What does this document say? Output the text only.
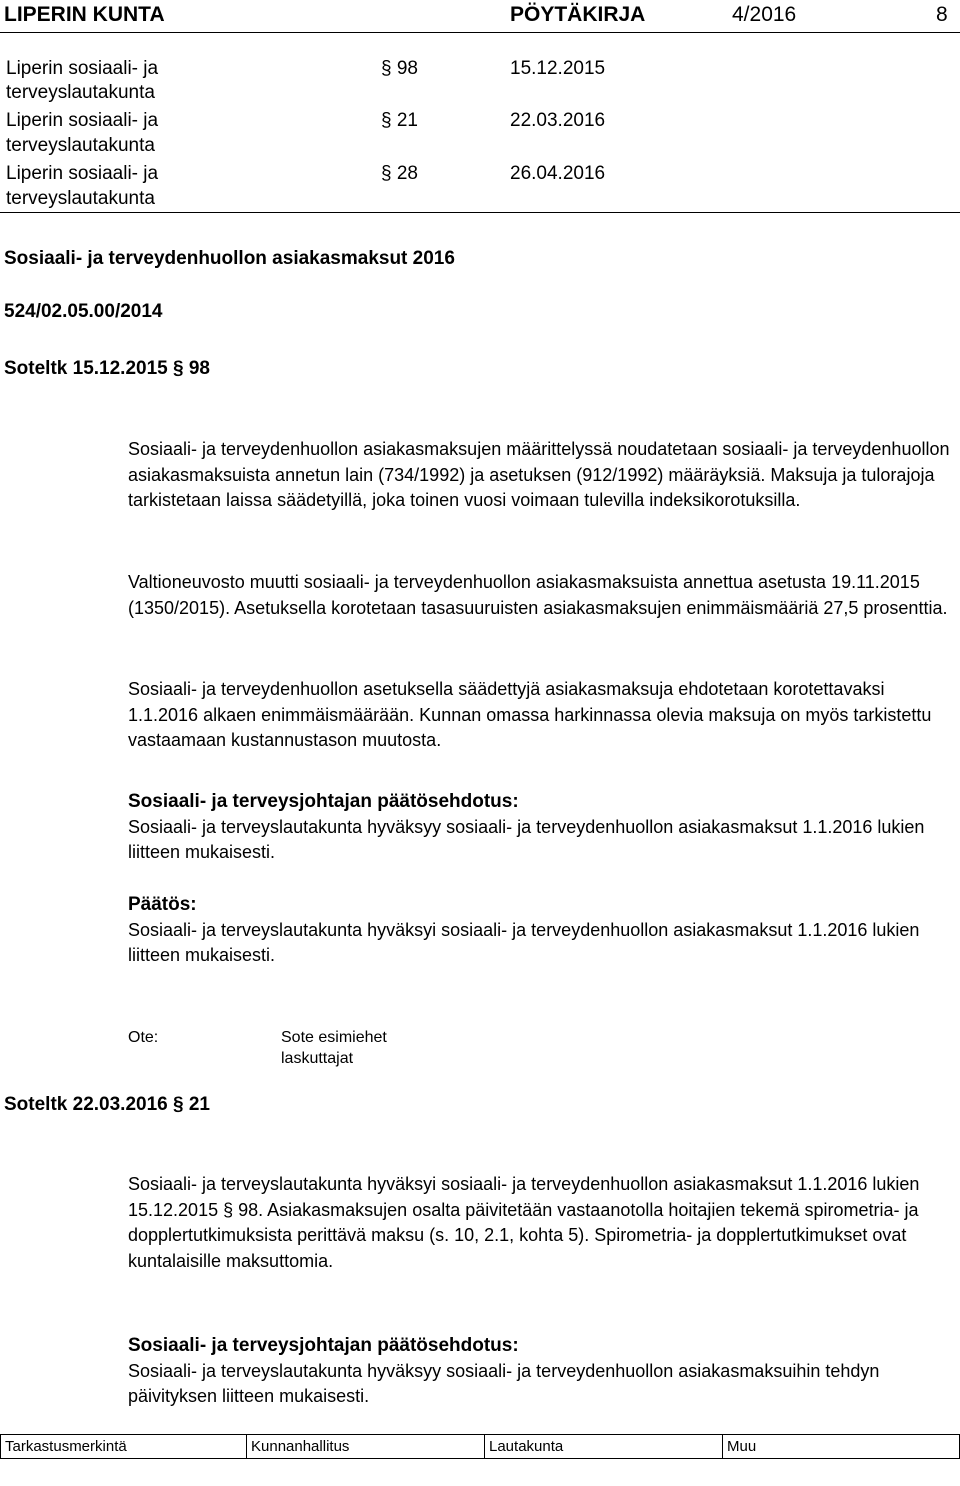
LIPERIN KUNTA	PÖYTÄKIRJA	4/2016	8
Liperin sosiaali- ja
terveyslautakunta
§ 98	15.12.2015
Liperin sosiaali- ja
terveyslautakunta
§ 21	22.03.2016
Liperin sosiaali- ja
terveyslautakunta
§ 28	26.04.2016
Sosiaali- ja terveydenhuollon asiakasmaksut 2016
524/02.05.00/2014
Soteltk 15.12.2015 § 98

Sosiaali- ja terveydenhuollon asiakasmaksujen määrittelyssä noudatetaan sosiaali- ja terveydenhuollon asiakasmaksuista annetun lain (734/1992) ja asetuksen (912/1992) määräyksiä. Maksuja ja tulorajoja tarkistetaan laissa säädetyillä, joka toinen vuosi voimaan tulevilla indeksikorotuksilla.

Valtioneuvosto muutti sosiaali- ja terveydenhuollon asiakasmaksuista annettua asetusta 19.11.2015 (1350/2015). Asetuksella korotetaan tasasuuruisten asiakasmaksujen enimmäismääriä 27,5 prosenttia.

Sosiaali- ja terveydenhuollon asetuksella säädettyjä asiakasmaksuja ehdotetaan korotettavaksi 1.1.2016 alkaen enimmäismäärään. Kunnan omassa harkinnassa olevia maksuja on myös tarkistettu vastaamaan kustannustason muutosta.

Sosiaali- ja terveysjohtajan päätösehdotus:

Sosiaali- ja terveyslautakunta hyväksyy sosiaali- ja terveydenhuollon asiakasmaksut 1.1.2016 lukien liitteen mukaisesti.

Päätös:

Sosiaali- ja terveyslautakunta hyväksyi sosiaali- ja terveydenhuollon asiakasmaksut 1.1.2016 lukien liitteen mukaisesti.

Ote:	Sote esimiehet
laskuttajat
Soteltk 22.03.2016 § 21

Sosiaali- ja terveyslautakunta hyväksyi sosiaali- ja terveydenhuollon asiakasmaksut 1.1.2016 lukien 15.12.2015 § 98. Asiakasmaksujen osalta päivitetään vastaanotolla hoitajien tekemä spirometria- ja dopplertutkimuksista perittävä maksu (s. 10, 2.1, kohta 5). Spirometria- ja dopplertutkimukset ovat kuntalaisille maksuttomia.

Sosiaali- ja terveysjohtajan päätösehdotus:

Sosiaali- ja terveyslautakunta hyväksyy sosiaali- ja terveydenhuollon asiakasmaksuihin tehdyn päivityksen liitteen mukaisesti.

Tarkastusmerkintä	Kunnanhallitus	Lautakunta	Muu
